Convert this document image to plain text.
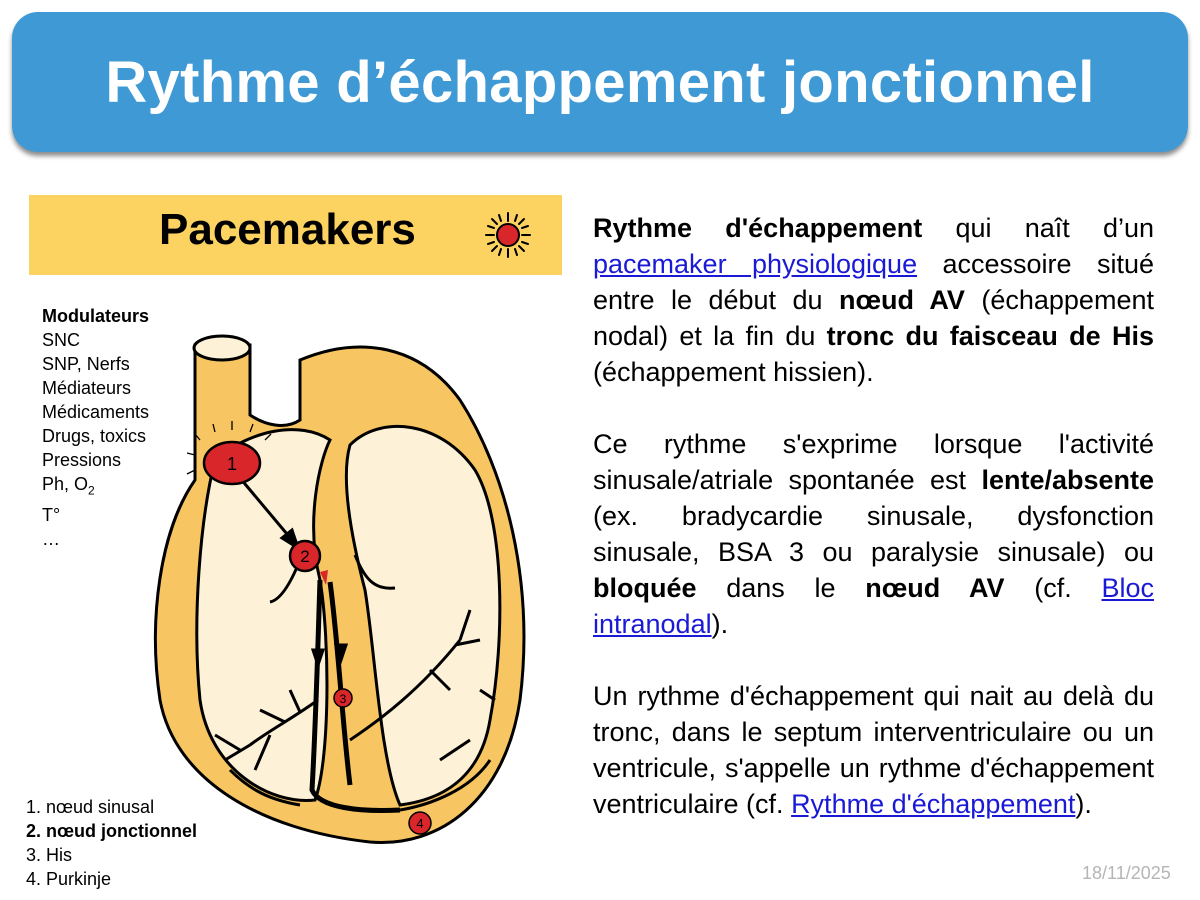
Rythme d’échappement jonctionnel
Pacemakers
1
2
3
4
Modulateurs
SNC
SNP, Nerfs
Médiateurs
Médicaments
Drugs, toxics
Pressions
Ph, $O_2$
T°
…
1. nœud sinusal
2. nœud jonctionnel
3. His
4. Purkinje

Rythme d'échappement qui naît d’un pacemaker physiologique accessoire situé entre le début du nœud AV (échappement nodal) et la fin du tronc du faisceau de His (échappement hissien).

Ce rythme s'exprime lorsque l'activité sinusale/atriale spontanée est lente/absente (ex. bradycardie sinusale, dysfonction sinusale, BSA 3 ou paralysie sinusale) ou bloquée dans le nœud AV (cf. Bloc intranodal).

Un rythme d'échappement qui nait au delà du tronc, dans le septum interventriculaire ou un ventricule, s'appelle un rythme d'échappement ventriculaire (cf. Rythme d'échappement).

18/11/2025
